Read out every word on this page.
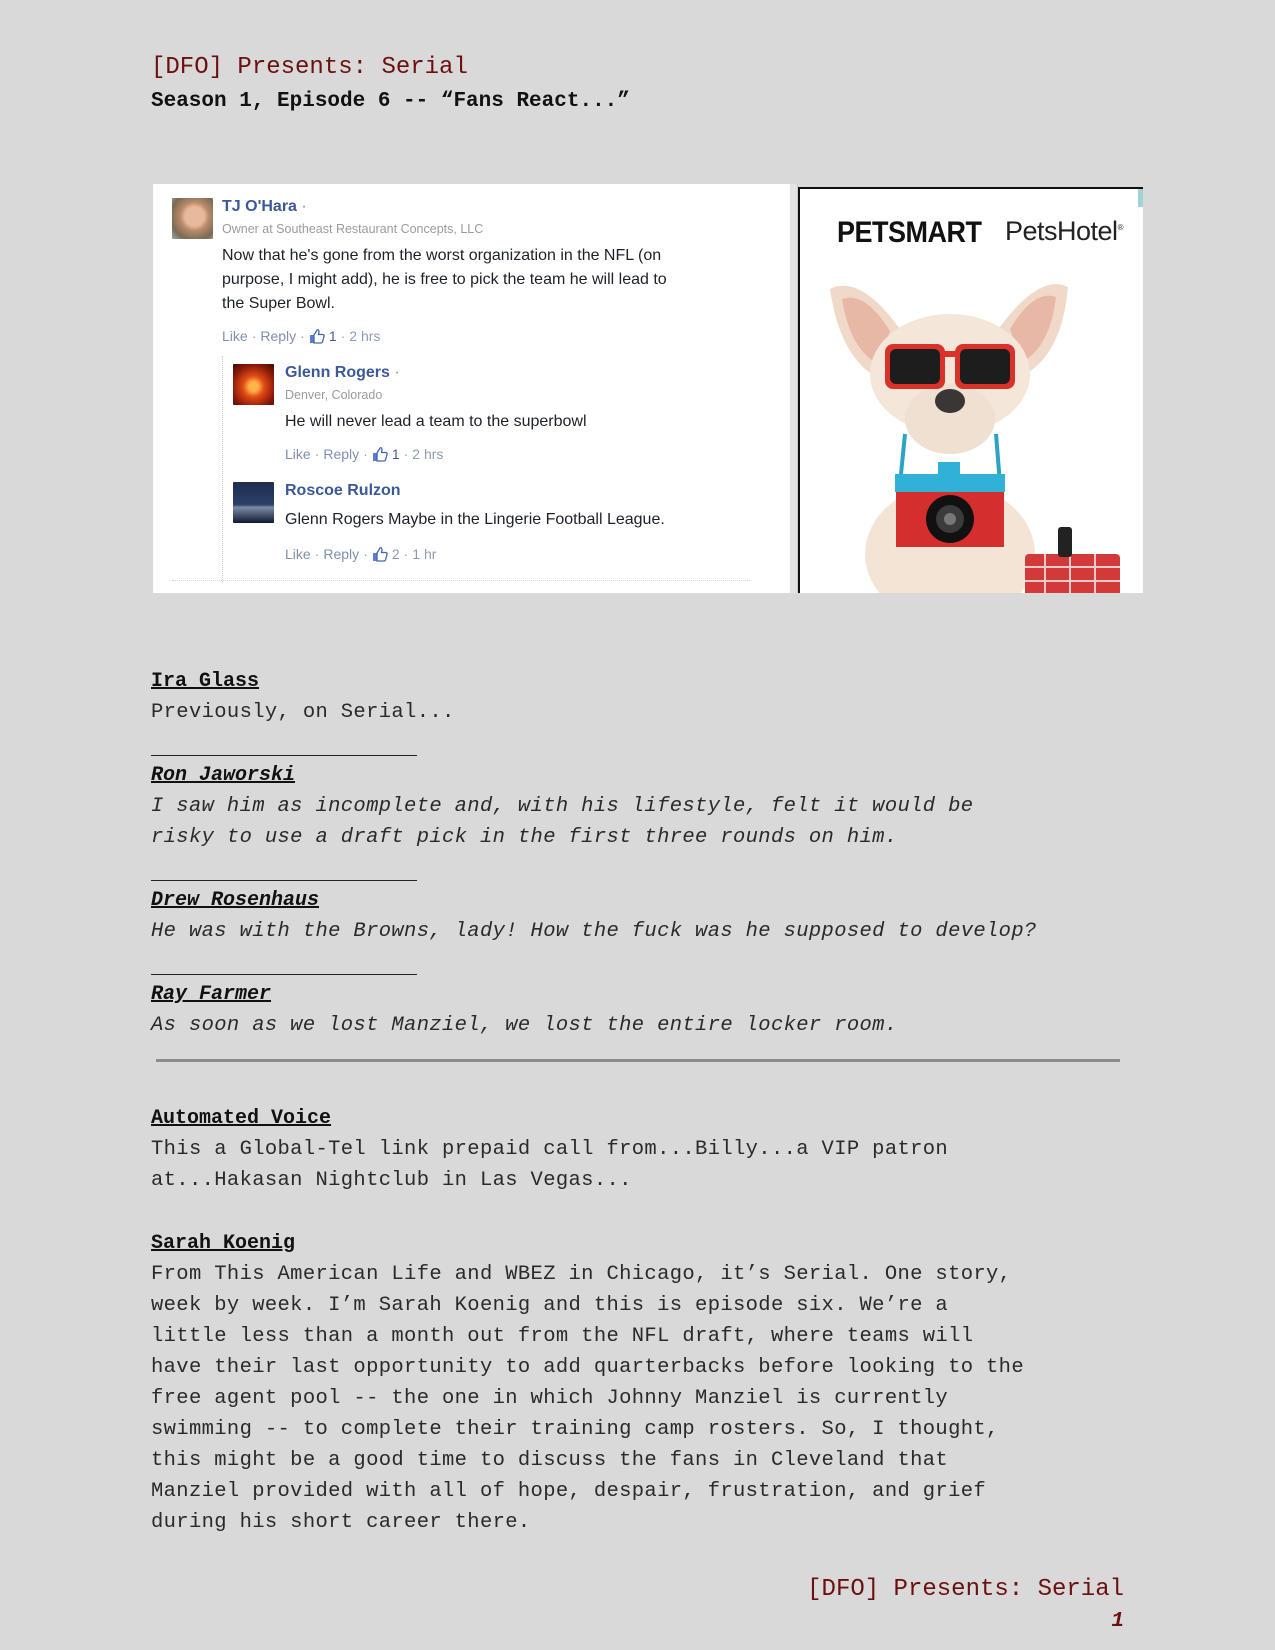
[DFO] Presents: Serial
Season 1, Episode 6 -- “Fans React...”
TJ O'Hara ·
Owner at Southeast Restaurant Concepts, LLC
Now that he's gone from the worst organization in the NFL (on
purpose, I might add), he is free to pick the team he will lead to
the Super Bowl.
Like · Reply · 1 · 2 hrs
Glenn Rogers ·
Denver, Colorado
He will never lead a team to the superbowl
Like · Reply · 1 · 2 hrs
Roscoe Rulzon
Glenn Rogers Maybe in the Lingerie Football League.
Like · Reply · 2 · 1 hr
PETSMART PetsHotel®
Ira Glass
Previously, on Serial...
Ron Jaworski
I saw him as incomplete and, with his lifestyle, felt it would be
risky to use a draft pick in the first three rounds on him.
Drew Rosenhaus
He was with the Browns, lady! How the fuck was he supposed to develop?
Ray Farmer
As soon as we lost Manziel, we lost the entire locker room.
Automated Voice
This a Global-Tel link prepaid call from...Billy...a VIP patron
at...Hakasan Nightclub in Las Vegas...
Sarah Koenig
From This American Life and WBEZ in Chicago, it’s Serial. One story,
week by week. I’m Sarah Koenig and this is episode six. We’re a
little less than a month out from the NFL draft, where teams will
have their last opportunity to add quarterbacks before looking to the
free agent pool -- the one in which Johnny Manziel is currently
swimming -- to complete their training camp rosters. So, I thought,
this might be a good time to discuss the fans in Cleveland that
Manziel provided with all of hope, despair, frustration, and grief
during his short career there.
[DFO] Presents: Serial
1
